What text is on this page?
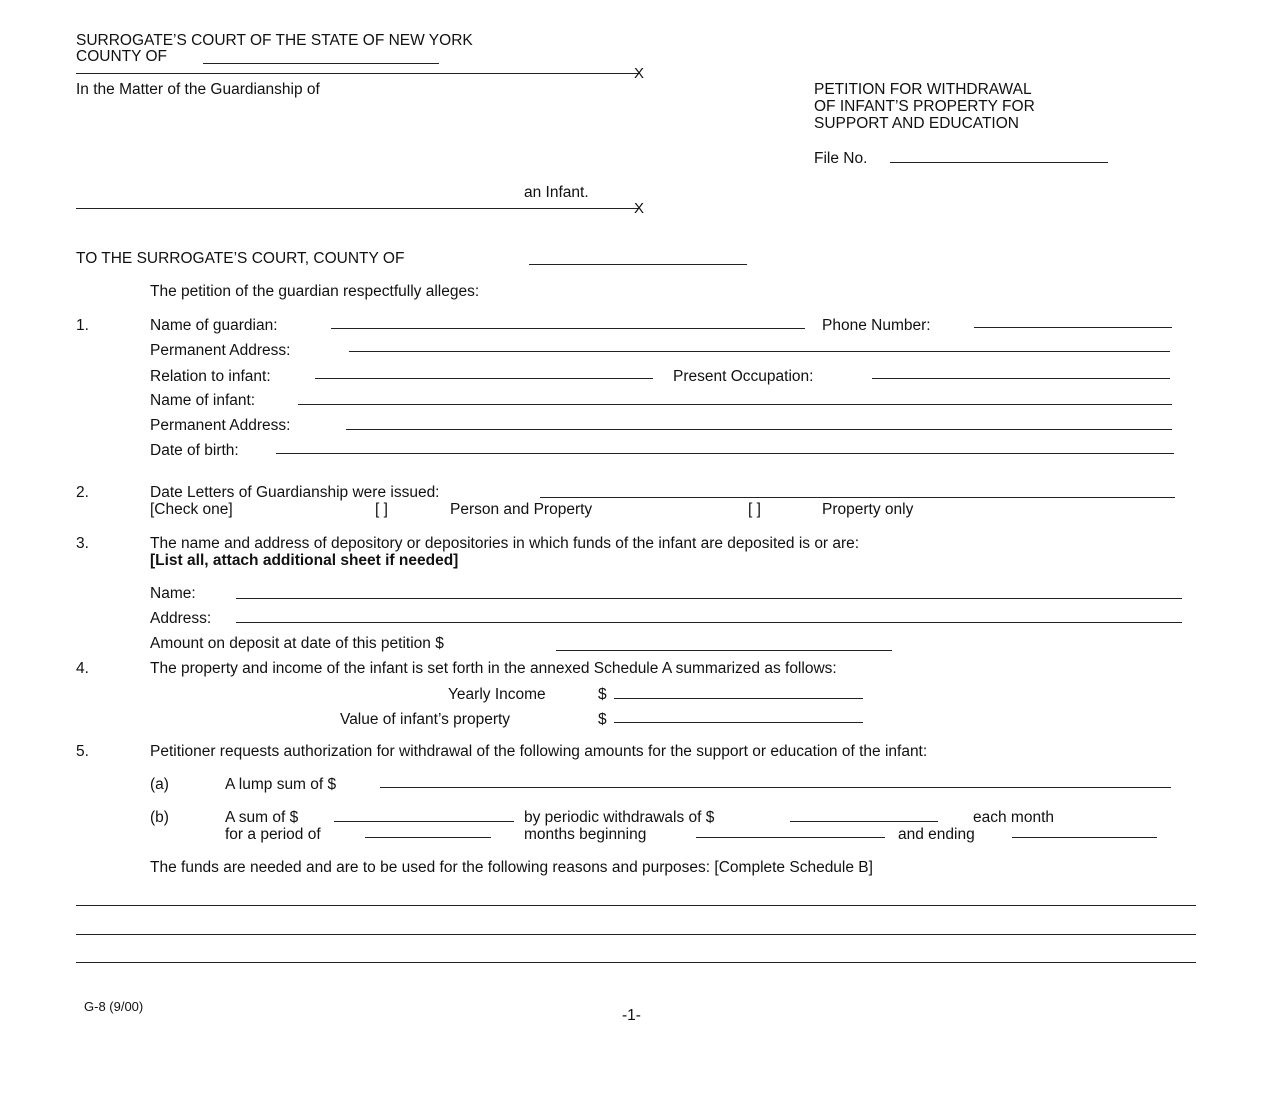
SURROGATE’S COURT OF THE STATE OF NEW YORK
COUNTY OF
X
In the Matter of the Guardianship of	PETITION FOR WITHDRAWAL
OF INFANT’S PROPERTY FOR
SUPPORT AND EDUCATION
File No.
an Infant.
X
TO THE SURROGATE’S COURT, COUNTY OF
The petition of the guardian respectfully alleges:
1.	Name of guardian:	Phone Number:
Permanent Address:
Relation to infant:	Present Occupation:
Name of infant:
Permanent Address:
Date of birth:
2.	Date Letters of Guardianship were issued:
[Check one]	[ ]	Person and Property	[ ]	Property only
3.	The name and address of depository or depositories in which funds of the infant are deposited is or are:
[List all, attach additional sheet if needed]
Name:
Address:
Amount on deposit at date of this petition $
4.	The property and income of the infant is set forth in the annexed Schedule A summarized as follows:
Yearly Income	$
Value of infant’s property	$
5.	Petitioner requests authorization for withdrawal of the following amounts for the support or education of the infant:
(a)	A lump sum of $
(b)	A sum of $	by periodic withdrawals of $	each month
for a period of	months beginning	and ending
The funds are needed and are to be used for the following reasons and purposes: [Complete Schedule B]
G-8 (9/00)
-1-
